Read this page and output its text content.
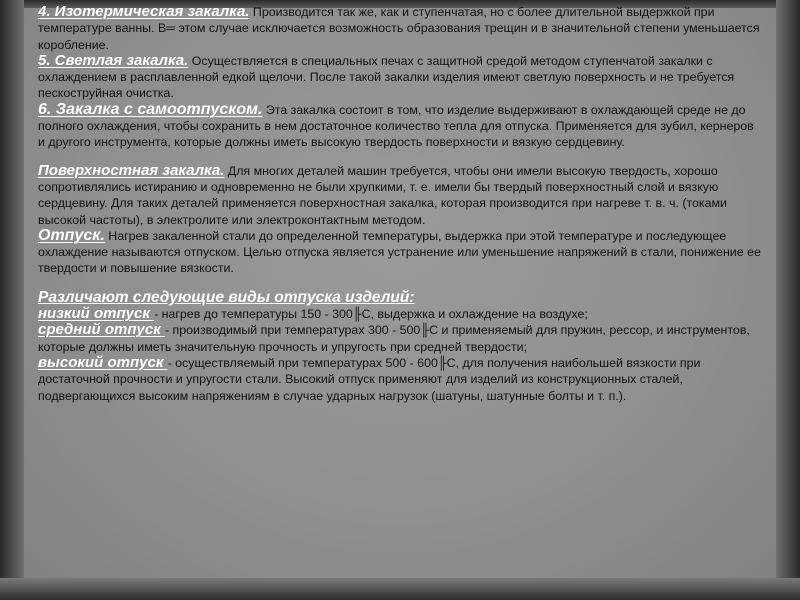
4. Изотермическая закалка. Производится так же, как и ступенчатая, но с более длительной выдержкой при температуре ванны. В═ этом случае исключается возможность образования трещин и в значительной степени уменьшается коробление.

5. Светлая закалка. Осуществляется в специальных печах с защитной средой методом ступенчатой закалки с охлаждением в расплавленной едкой щелочи. После такой закалки изделия имеют светлую поверхность и не требуется пескоструйная очистка.

6. Закалка с самоотпуском. Эта закалка состоит в том, что изделие выдерживают в охлаждающей среде не до полного охлаждения, чтобы сохранить в нем достаточное количество тепла для отпуска. Применяется для зубил, кернеров и другого инструмента, которые должны иметь высокую твердость поверхности и вязкую сердцевину.

Поверхностная закалка. Для многих деталей машин требуется, чтобы они имели высокую твердость, хорошо сопротивлялись истиранию и одновременно не были хрупкими, т. е. имели бы твердый поверхностный слой и вязкую сердцевину. Для таких деталей применяется поверхностная закалка, которая производится при нагреве т. в. ч. (токами высокой частоты), в электролите или электроконтактным методом.

Отпуск. Нагрев закаленной стали до определенной температуры, выдержка при этой температуре и последующее охлаждение называются отпуском. Целью отпуска является устранение или уменьшение напряжений в стали, понижение ее твердости и повышение вязкости.

Различают следующие виды отпуска изделий:

низкий отпуск - нагрев до температуры 150 - 300╟С, выдержка и охлаждение на воздухе;

средний отпуск - производимый при температурах 300 - 500╟С и применяемый для пружин, рессор, и инструментов, которые должны иметь значительную прочность и упругость при средней твердости;

высокий отпуск - осуществляемый при температурах 500 - 600╟С, для получения наибольшей вязкости при достаточной прочности и упругости стали. Высокий отпуск применяют для изделий из конструкционных сталей, подвергающихся высоким напряжениям в случае ударных нагрузок (шатуны, шатунные болты и т. п.).
